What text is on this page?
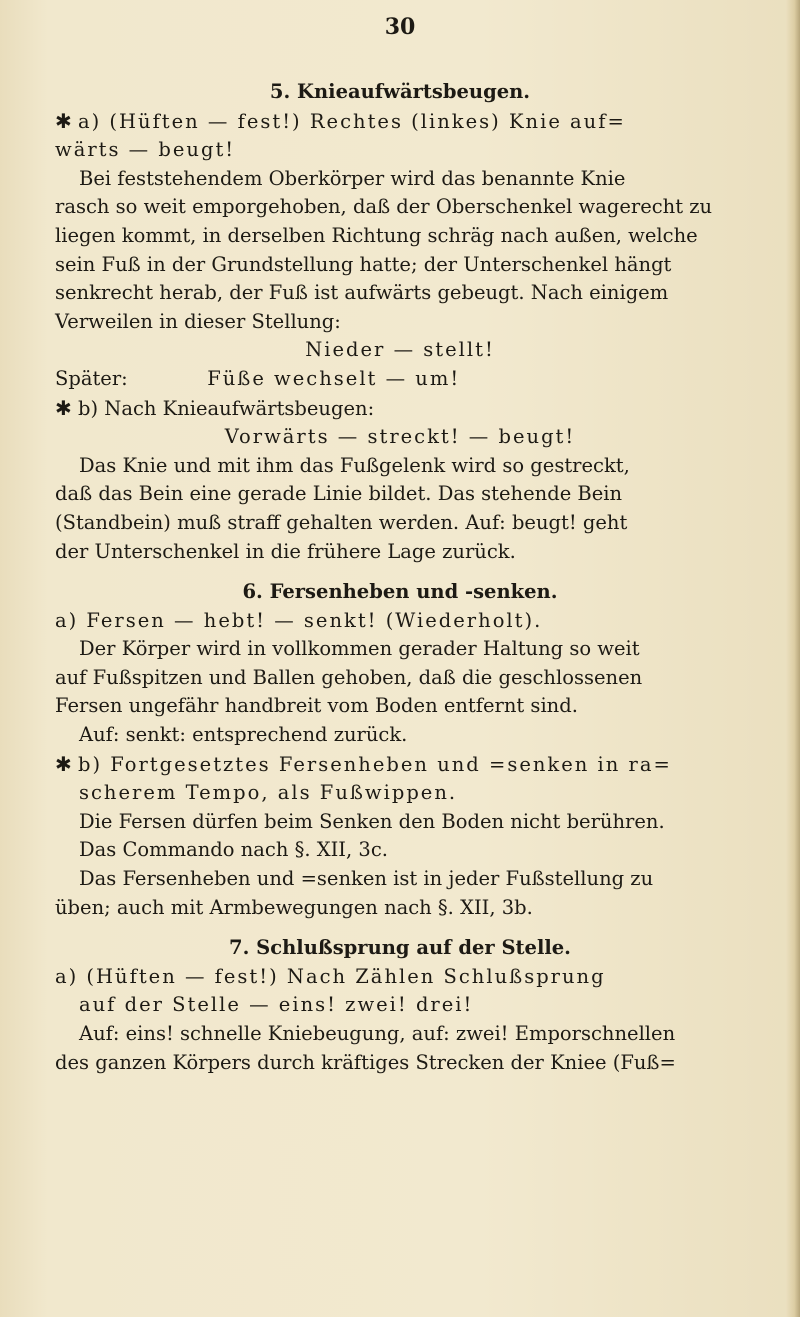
30

5. Knieaufwärtsbeugen.

✱ a) (Hüften — fest!) Rechtes (linkes) Knie auf=

wärts — beugt!

Bei feststehendem Oberkörper wird das benannte Knie

rasch so weit emporgehoben, daß der Oberschenkel wagerecht zu

liegen kommt, in derselben Richtung schräg nach außen, welche

sein Fuß in der Grundstellung hatte; der Unterschenkel hängt

senkrecht herab, der Fuß ist aufwärts gebeugt. Nach einigem

Verweilen in dieser Stellung:

Nieder — stellt!

Später:	Füße wechselt — um!

✱ b) Nach Knieaufwärtsbeugen:

Vorwärts — streckt! — beugt!

Das Knie und mit ihm das Fußgelenk wird so gestreckt,

daß das Bein eine gerade Linie bildet. Das stehende Bein

(Standbein) muß straff gehalten werden. Auf: beugt! geht

der Unterschenkel in die frühere Lage zurück.

6. Fersenheben und -senken.

a) Fersen — hebt! — senkt! (Wiederholt).

Der Körper wird in vollkommen gerader Haltung so weit

auf Fußspitzen und Ballen gehoben, daß die geschlossenen

Fersen ungefähr handbreit vom Boden entfernt sind.

Auf: senkt: entsprechend zurück.

✱ b) Fortgesetztes Fersenheben und =senken in ra=

scherem Tempo, als Fußwippen.

Die Fersen dürfen beim Senken den Boden nicht berühren.

Das Commando nach §. XII, 3c.

Das Fersenheben und =senken ist in jeder Fußstellung zu

üben; auch mit Armbewegungen nach §. XII, 3b.

7. Schlußsprung auf der Stelle.

a) (Hüften — fest!) Nach Zählen Schlußsprung

auf der Stelle — eins! zwei! drei!

Auf: eins! schnelle Kniebeugung, auf: zwei! Emporschnellen

des ganzen Körpers durch kräftiges Strecken der Kniee (Fuß=
